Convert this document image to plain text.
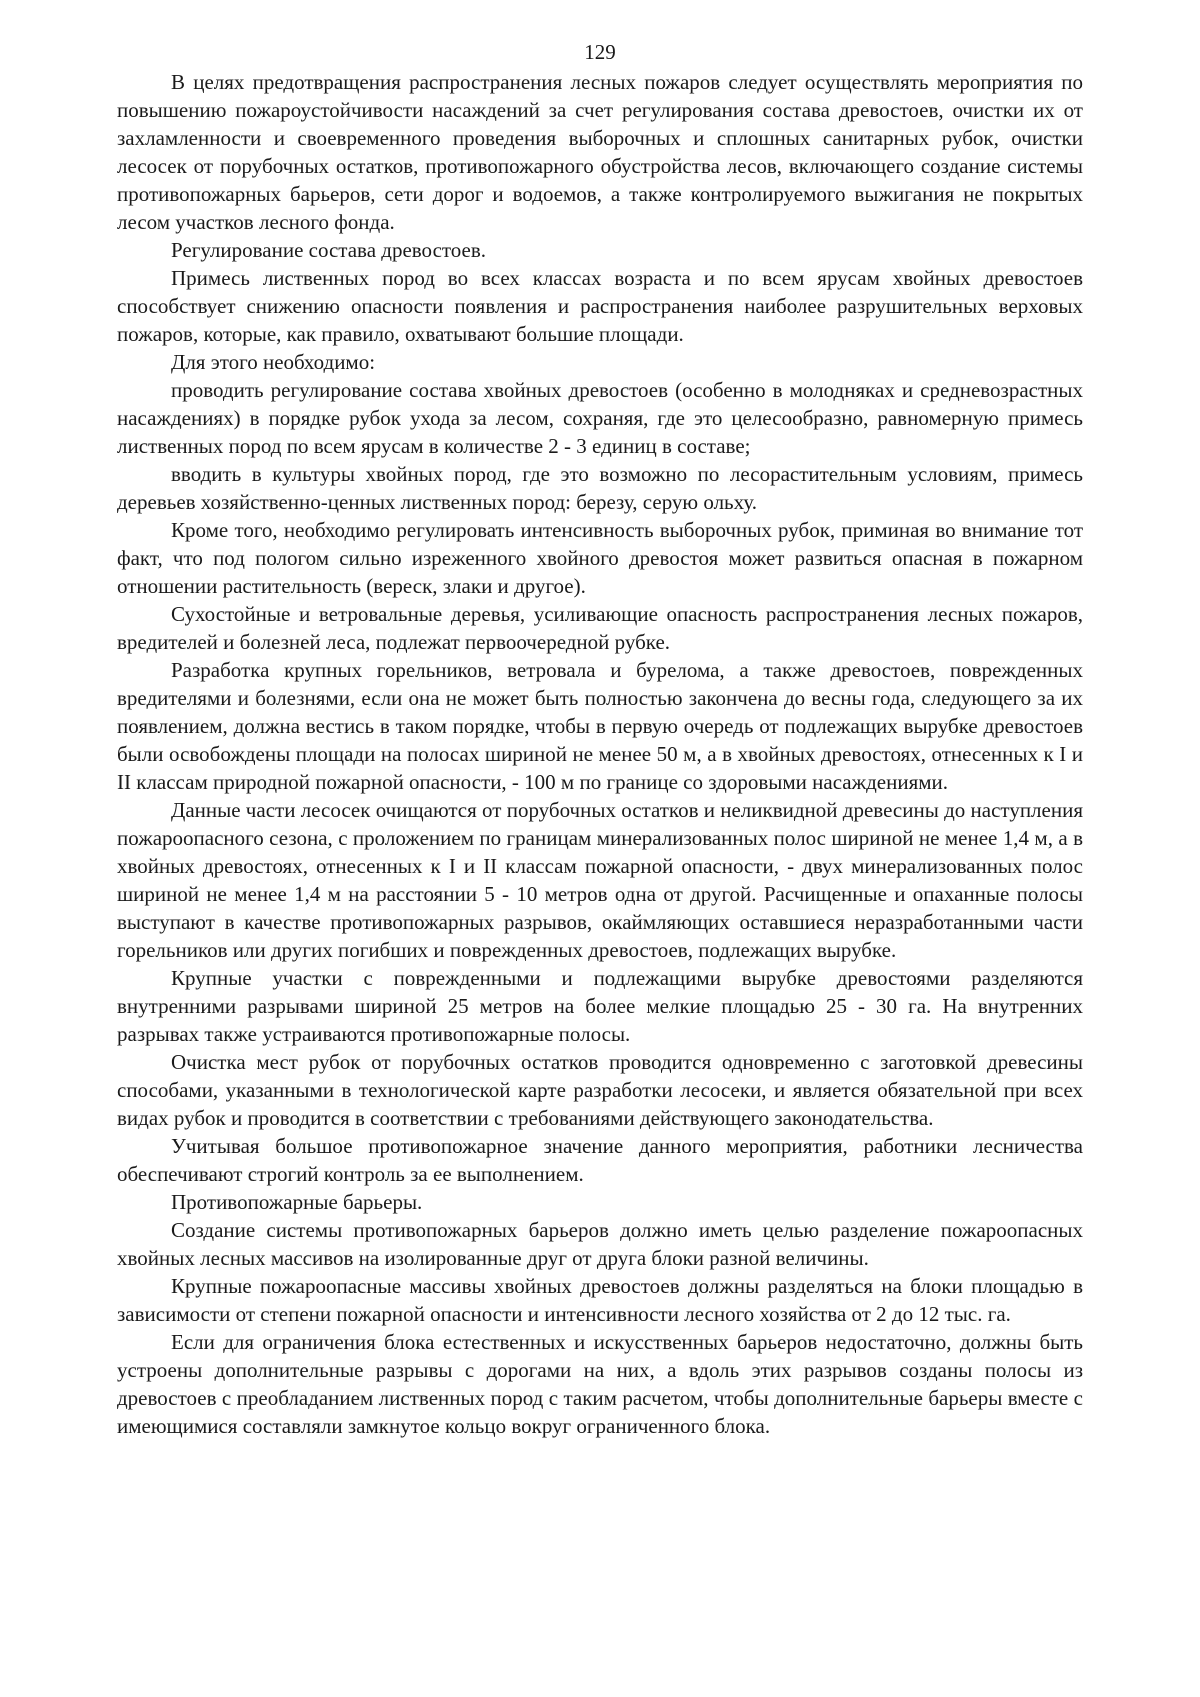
129

В целях предотвращения распространения лесных пожаров следует осуществлять мероприятия по повышению пожароустойчивости насаждений за счет регулирования состава древостоев, очистки их от захламленности и своевременного проведения выборочных и сплошных санитарных рубок, очистки лесосек от порубочных остатков, противопожарного обустройства лесов, включающего создание системы противопожарных барьеров, сети дорог и водоемов, а также контролируемого выжигания не покрытых лесом участков лесного фонда.

Регулирование состава древостоев.

Примесь лиственных пород во всех классах возраста и по всем ярусам хвойных древостоев способствует снижению опасности появления и распространения наиболее разрушительных верховых пожаров, которые, как правило, охватывают большие площади.

Для этого необходимо:

проводить регулирование состава хвойных древостоев (особенно в молодняках и средневозрастных насаждениях) в порядке рубок ухода за лесом, сохраняя, где это целесообразно, равномерную примесь лиственных пород по всем ярусам в количестве 2 - 3 единиц в составе;

вводить в культуры хвойных пород, где это возможно по лесорастительным условиям, примесь деревьев хозяйственно-ценных лиственных пород: березу, серую ольху.

Кроме того, необходимо регулировать интенсивность выборочных рубок, приминая во внимание тот факт, что под пологом сильно изреженного хвойного древостоя может развиться опасная в пожарном отношении растительность (вереск, злаки и другое).

Сухостойные и ветровальные деревья, усиливающие опасность распространения лесных пожаров, вредителей и болезней леса, подлежат первоочередной рубке.

Разработка крупных горельников, ветровала и бурелома, а также древостоев, поврежденных вредителями и болезнями, если она не может быть полностью закончена до весны года, следующего за их появлением, должна вестись в таком порядке, чтобы в первую очередь от подлежащих вырубке древостоев были освобождены площади на полосах шириной не менее 50 м, а в хвойных древостоях, отнесенных к I и II классам природной пожарной опасности, - 100 м по границе со здоровыми насаждениями.

Данные части лесосек очищаются от порубочных остатков и неликвидной древесины до наступления пожароопасного сезона, с проложением по границам минерализованных полос шириной не менее 1,4 м, а в хвойных древостоях, отнесенных к I и II классам пожарной опасности, - двух минерализованных полос шириной не менее 1,4 м на расстоянии 5 - 10 метров одна от другой. Расчищенные и опаханные полосы выступают в качестве противопожарных разрывов, окаймляющих оставшиеся неразработанными части горельников или других погибших и поврежденных древостоев, подлежащих вырубке.

Крупные участки с поврежденными и подлежащими вырубке древостоями разделяются внутренними разрывами шириной 25 метров на более мелкие площадью 25 - 30 га. На внутренних разрывах также устраиваются противопожарные полосы.

Очистка мест рубок от порубочных остатков проводится одновременно с заготовкой древесины способами, указанными в технологической карте разработки лесосеки, и является обязательной при всех видах рубок и проводится в соответствии с требованиями действующего законодательства.

Учитывая большое противопожарное значение данного мероприятия, работники лесничества обеспечивают строгий контроль за ее выполнением.

Противопожарные барьеры.

Создание системы противопожарных барьеров должно иметь целью разделение пожароопасных хвойных лесных массивов на изолированные друг от друга блоки разной величины.

Крупные пожароопасные массивы хвойных древостоев должны разделяться на блоки площадью в зависимости от степени пожарной опасности и интенсивности лесного хозяйства от 2 до 12 тыс. га.

Если для ограничения блока естественных и искусственных барьеров недостаточно, должны быть устроены дополнительные разрывы с дорогами на них, а вдоль этих разрывов созданы полосы из древостоев с преобладанием лиственных пород с таким расчетом, чтобы дополнительные барьеры вместе с имеющимися составляли замкнутое кольцо вокруг ограниченного блока.
